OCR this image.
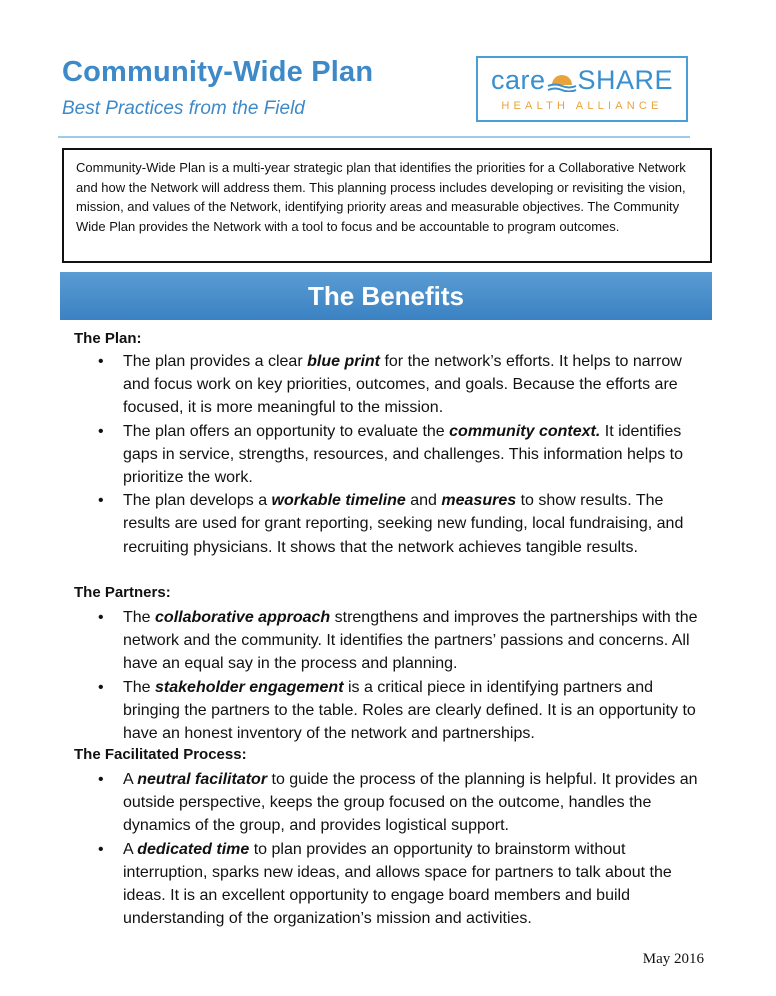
Community-Wide Plan
Best Practices from the Field
care SHARE
HEALTH ALLIANCE
Community-Wide Plan is a multi-year strategic plan that identifies the priorities for a Collaborative Network and how the Network will address them. This planning process includes developing or revisiting the vision, mission, and values of the Network, identifying priority areas and measurable objectives. The Community Wide Plan provides the Network with a tool to focus and be accountable to program outcomes.
The Benefits
The Plan:
• The plan provides a clear blue print for the network’s efforts. It helps to narrow and focus work on key priorities, outcomes, and goals. Because the efforts are focused, it is more meaningful to the mission.
• The plan offers an opportunity to evaluate the community context. It identifies gaps in service, strengths, resources, and challenges. This information helps to prioritize the work.
• The plan develops a workable timeline and measures to show results. The results are used for grant reporting, seeking new funding, local fundraising, and recruiting physicians. It shows that the network achieves tangible results.
The Partners:
• The collaborative approach strengthens and improves the partnerships with the network and the community. It identifies the partners’ passions and concerns. All have an equal say in the process and planning.
• The stakeholder engagement is a critical piece in identifying partners and bringing the partners to the table. Roles are clearly defined. It is an opportunity to have an honest inventory of the network and partnerships.
The Facilitated Process:
• A neutral facilitator to guide the process of the planning is helpful. It provides an outside perspective, keeps the group focused on the outcome, handles the dynamics of the group, and provides logistical support.
• A dedicated time to plan provides an opportunity to brainstorm without interruption, sparks new ideas, and allows space for partners to talk about the ideas. It is an excellent opportunity to engage board members and build understanding of the organization’s mission and activities.
May 2016
